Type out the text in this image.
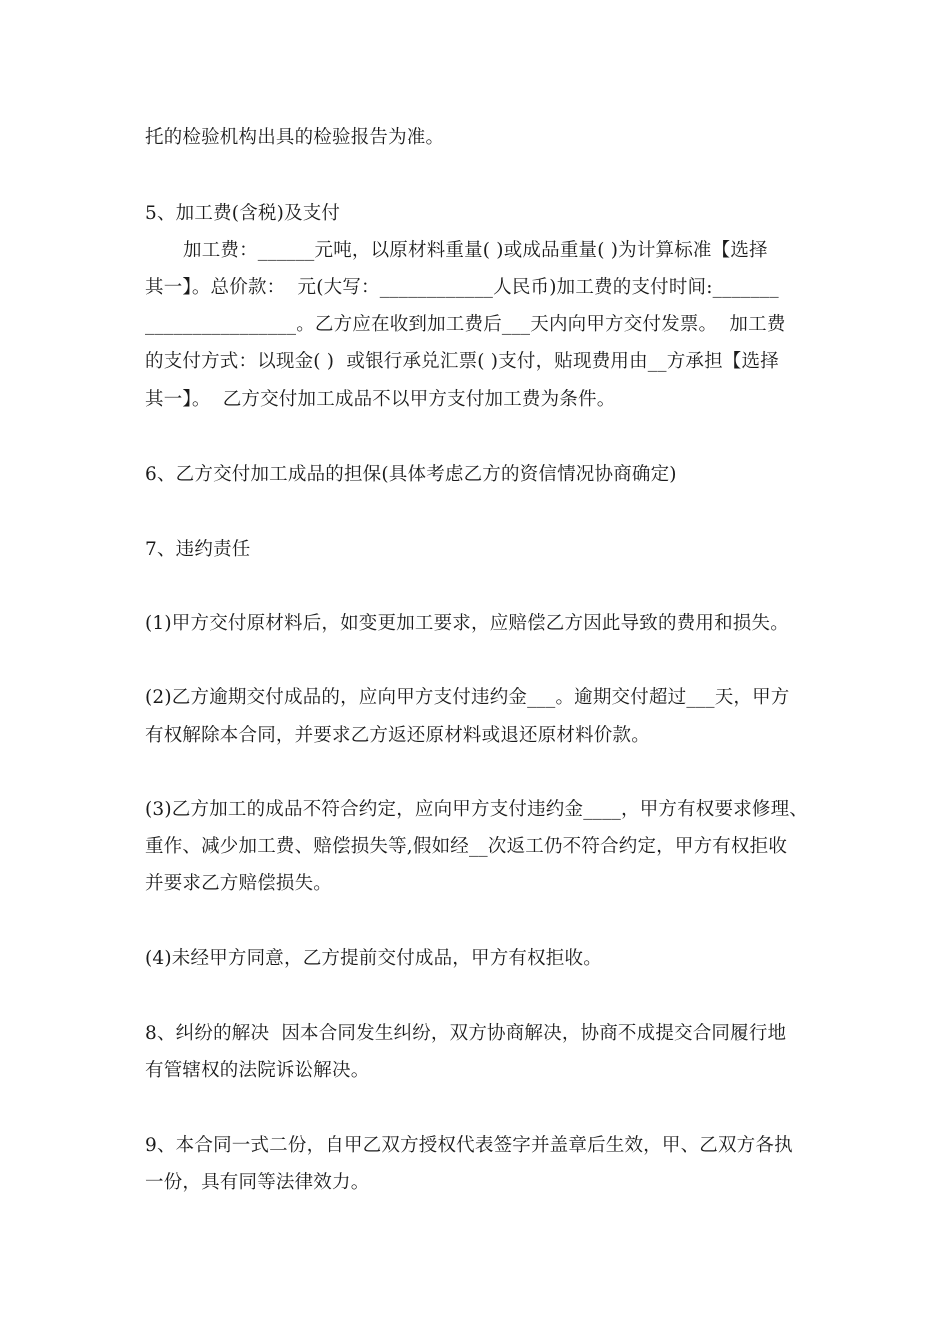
托的检验机构出具的检验报告为准。
5、加工费(含税)及支付
加工费：______元吨，以原材料重量( )或成品重量( )为计算标准【选择
其一】。总价款：  元(大写：____________人民币)加工费的支付时间:_______
________________。乙方应在收到加工费后___天内向甲方交付发票。  加工费
的支付方式：以现金( )  或银行承兑汇票( )支付，贴现费用由__方承担【选择
其一】。  乙方交付加工成品不以甲方支付加工费为条件。
6、乙方交付加工成品的担保(具体考虑乙方的资信情况协商确定)
7、违约责任
(1)甲方交付原材料后，如变更加工要求，应赔偿乙方因此导致的费用和损失。
(2)乙方逾期交付成品的，应向甲方支付违约金___。逾期交付超过___天，甲方
有权解除本合同，并要求乙方返还原材料或退还原材料价款。
(3)乙方加工的成品不符合约定，应向甲方支付违约金____，甲方有权要求修理、
重作、减少加工费、赔偿损失等,假如经__次返工仍不符合约定，甲方有权拒收
并要求乙方赔偿损失。
(4)未经甲方同意，乙方提前交付成品，甲方有权拒收。
8、纠纷的解决  因本合同发生纠纷，双方协商解决，协商不成提交合同履行地
有管辖权的法院诉讼解决。
9、本合同一式二份，自甲乙双方授权代表签字并盖章后生效，甲、乙双方各执
一份，具有同等法律效力。
